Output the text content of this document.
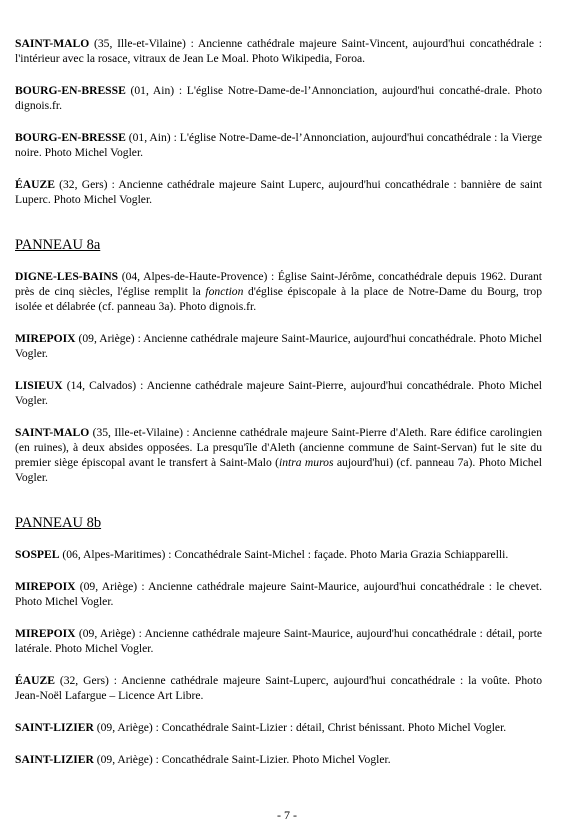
SAINT-MALO (35, Ille-et-Vilaine) : Ancienne cathédrale majeure Saint-Vincent, aujourd'hui concathédrale : l'intérieur avec la rosace, vitraux de Jean Le Moal. Photo Wikipedia, Foroa.

BOURG-EN-BRESSE (01, Ain) : L'église Notre-Dame-de-l’Annonciation, aujourd'hui concathé-drale. Photo dignois.fr.

BOURG-EN-BRESSE (01, Ain) : L'église Notre-Dame-de-l’Annonciation, aujourd'hui concathédrale : la Vierge noire. Photo Michel Vogler.

ÉAUZE (32, Gers) : Ancienne cathédrale majeure Saint Luperc, aujourd'hui concathédrale : bannière de saint Luperc. Photo Michel Vogler.

PANNEAU 8a

DIGNE-LES-BAINS (04, Alpes-de-Haute-Provence) : Église Saint-Jérôme, concathédrale depuis 1962. Durant près de cinq siècles, l'église remplit la fonction d'église épiscopale à la place de Notre-Dame du Bourg, trop isolée et délabrée (cf. panneau 3a). Photo dignois.fr.

MIREPOIX (09, Ariège) : Ancienne cathédrale majeure Saint-Maurice, aujourd'hui concathédrale. Photo Michel Vogler.

LISIEUX (14, Calvados) : Ancienne cathédrale majeure Saint-Pierre, aujourd'hui concathédrale. Photo Michel Vogler.

SAINT-MALO (35, Ille-et-Vilaine) : Ancienne cathédrale majeure Saint-Pierre d'Aleth. Rare édifice carolingien (en ruines), à deux absides opposées. La presqu'île d'Aleth (ancienne commune de Saint-Servan) fut le site du premier siège épiscopal avant le transfert à Saint-Malo (intra muros aujourd'hui) (cf. panneau 7a). Photo Michel Vogler.

PANNEAU 8b

SOSPEL (06, Alpes-Maritimes) : Concathédrale Saint-Michel : façade. Photo Maria Grazia Schiapparelli.

MIREPOIX (09, Ariège) : Ancienne cathédrale majeure Saint-Maurice, aujourd'hui concathédrale : le chevet. Photo Michel Vogler.

MIREPOIX (09, Ariège) : Ancienne cathédrale majeure Saint-Maurice, aujourd'hui concathédrale : détail, porte latérale. Photo Michel Vogler.

ÉAUZE (32, Gers) : Ancienne cathédrale majeure Saint-Luperc, aujourd'hui concathédrale : la voûte. Photo Jean-Noël Lafargue – Licence Art Libre.

SAINT-LIZIER (09, Ariège) : Concathédrale Saint-Lizier : détail, Christ bénissant. Photo Michel Vogler.

SAINT-LIZIER (09, Ariège) : Concathédrale Saint-Lizier. Photo Michel Vogler.

- 7 -
